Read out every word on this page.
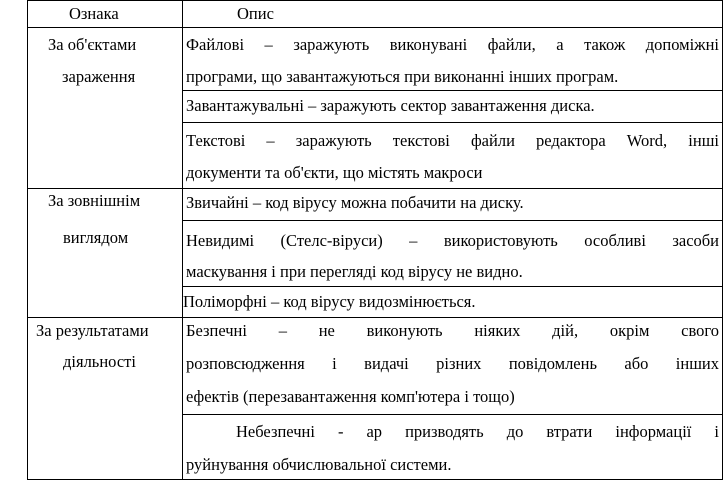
Ознака	Опис
За об'єктами
зараження
Файлові – заражують виконувані файли, а також допоміжні
програми, що завантажуються при виконанні інших програм.
Завантажувальні – заражують сектор завантаження диска.
Текстові – заражують текстові файли редактора Word, інші
документи та об'єкти, що містять макроси
За зовнішнім
виглядом
Звичайні – код вірусу можна побачити на диску.
Невидимі (Стелс-віруси) – використовують особливі засоби
маскування і при перегляді код вірусу не видно.
Поліморфні – код вірусу видозмінюється.
За результатами
діяльності
Безпечні – не виконують ніяких дій, окрім свого
розповсюдження і видачі різних повідомлень або інших
ефектів (перезавантаження комп'ютера і тощо)
Небезпечні - ар призводять до втрати інформації і
руйнування обчислювальної системи.
